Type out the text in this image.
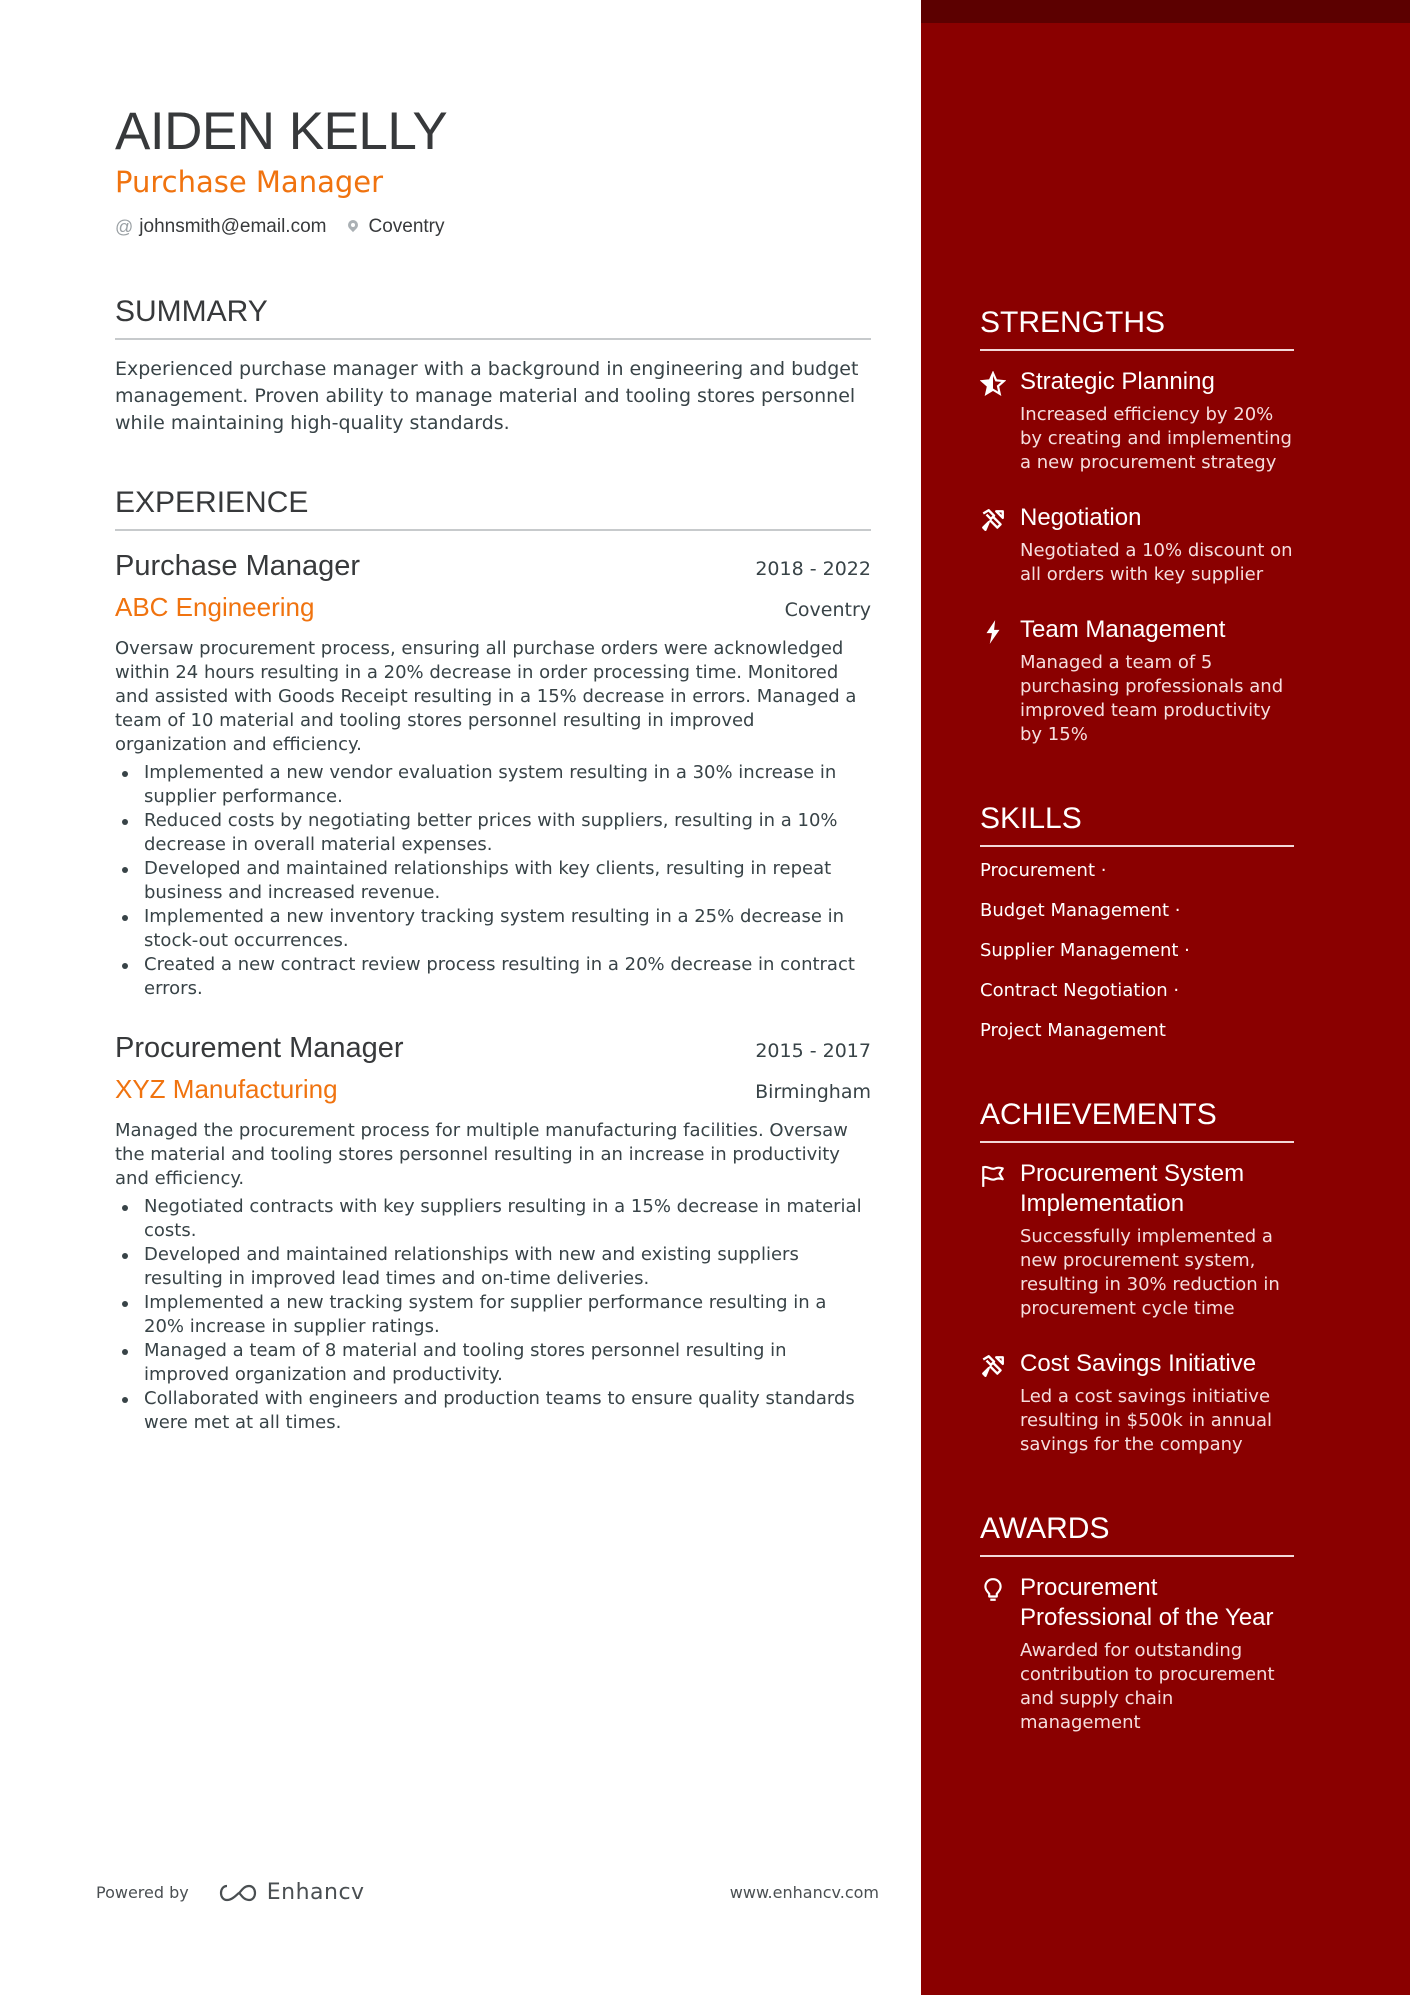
AIDEN KELLY
Purchase Manager
@ johnsmith@email.com Coventry
SUMMARY
Experienced purchase manager with a background in engineering and budget management. Proven ability to manage material and tooling stores personnel while maintaining high-quality standards.
EXPERIENCE
Purchase Manager	2018 - 2022
ABC Engineering	Coventry
Oversaw procurement process, ensuring all purchase orders were acknowledged within 24 hours resulting in a 20% decrease in order processing time. Monitored and assisted with Goods Receipt resulting in a 15% decrease in errors. Managed a team of 10 material and tooling stores personnel resulting in improved organization and efficiency.
Implemented a new vendor evaluation system resulting in a 30% increase in supplier performance.
Reduced costs by negotiating better prices with suppliers, resulting in a 10% decrease in overall material expenses.
Developed and maintained relationships with key clients, resulting in repeat business and increased revenue.
Implemented a new inventory tracking system resulting in a 25% decrease in stock-out occurrences.
Created a new contract review process resulting in a 20% decrease in contract errors.
Procurement Manager	2015 - 2017
XYZ Manufacturing	Birmingham
Managed the procurement process for multiple manufacturing facilities. Oversaw the material and tooling stores personnel resulting in an increase in productivity and efficiency.
Negotiated contracts with key suppliers resulting in a 15% decrease in material costs.
Developed and maintained relationships with new and existing suppliers resulting in improved lead times and on-time deliveries.
Implemented a new tracking system for supplier performance resulting in a 20% increase in supplier ratings.
Managed a team of 8 material and tooling stores personnel resulting in improved organization and productivity.
Collaborated with engineers and production teams to ensure quality standards were met at all times.
Powered by	Enhancv	www.enhancv.com
STRENGTHS
Strategic Planning
Increased efficiency by 20% by creating and implementing a new procurement strategy
Negotiation
Negotiated a 10% discount on all orders with key supplier
Team Management
Managed a team of 5 purchasing professionals and improved team productivity by 15%
SKILLS
Procurement ·
Budget Management ·
Supplier Management ·
Contract Negotiation ·
Project Management
ACHIEVEMENTS
Procurement System Implementation
Successfully implemented a new procurement system, resulting in 30% reduction in procurement cycle time
Cost Savings Initiative
Led a cost savings initiative resulting in $500k in annual savings for the company
AWARDS
Procurement Professional of the Year
Awarded for outstanding contribution to procurement and supply chain management
